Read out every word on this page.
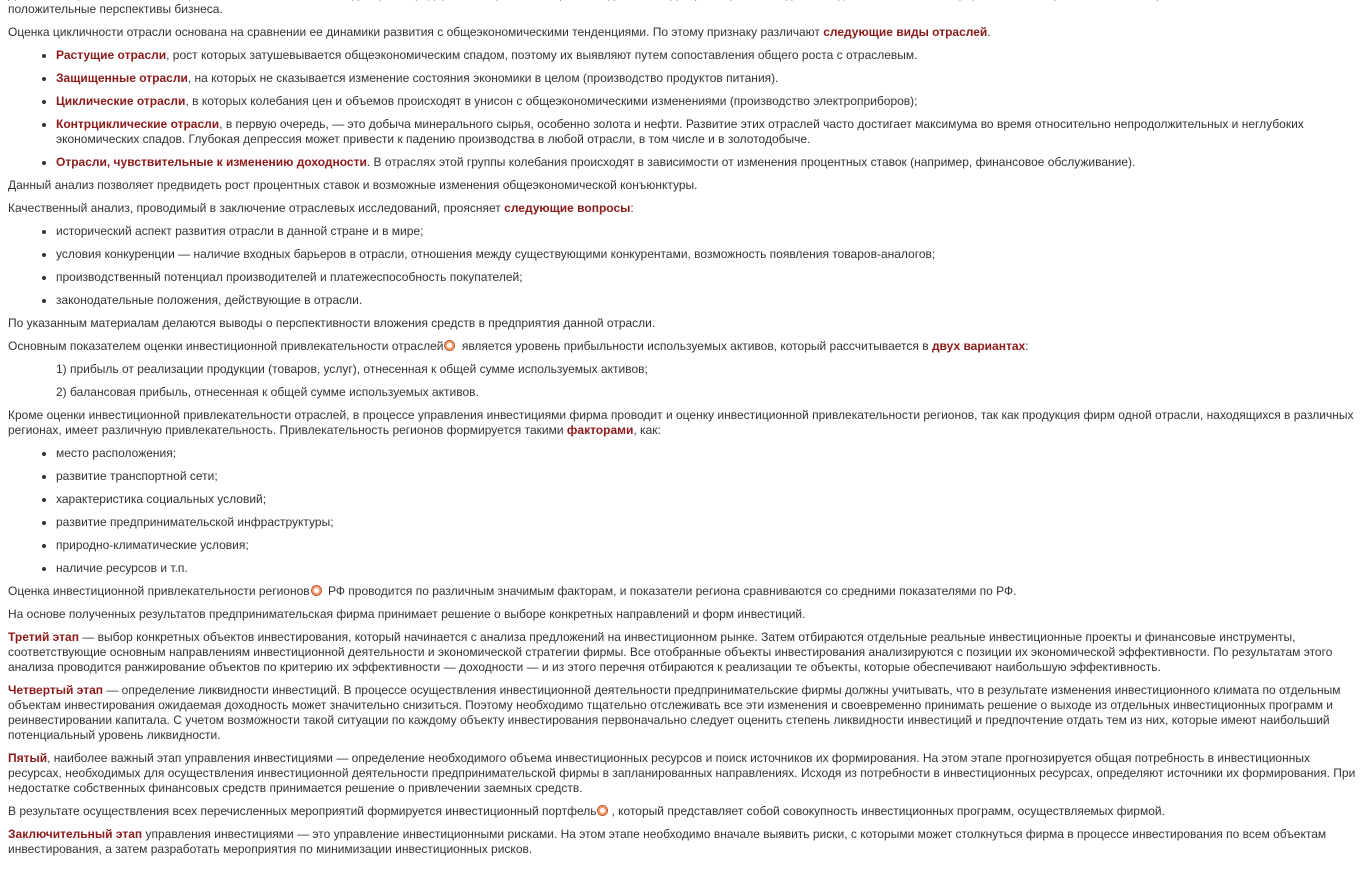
положительные перспективы бизнеса.

Оценка цикличности отрасли основана на сравнении ее динамики развития с общеэкономическими тенденциями. По этому признаку различают следующие виды отраслей.

• Растущие отрасли, рост которых затушевывается общеэкономическим спадом, поэтому их выявляют путем сопоставления общего роста с отраслевым.
• Защищенные отрасли, на которых не сказывается изменение состояния экономики в целом (производство продуктов питания).
• Циклические отрасли, в которых колебания цен и объемов происходят в унисон с общеэкономическими изменениями (производство электроприборов);
• Контрциклические отрасли, в первую очередь, — это добыча минерального сырья, особенно золота и нефти. Развитие этих отраслей часто достигает максимума во время относительно непродолжительных и неглубоких экономических спадов. Глубокая депрессия может привести к падению производства в любой отрасли, в том числе и в золотодобыче.
• Отрасли, чувствительные к изменению доходности. В отраслях этой группы колебания происходят в зависимости от изменения процентных ставок (например, финансовое обслуживание).

Данный анализ позволяет предвидеть рост процентных ставок и возможные изменения общеэкономической конъюнктуры.

Качественный анализ, проводимый в заключение отраслевых исследований, проясняет следующие вопросы:

• исторический аспект развития отрасли в данной стране и в мире;
• условия конкуренции — наличие входных барьеров в отрасли, отношения между существующими конкурентами, возможность появления товаров-аналогов;
• производственный потенциал производителей и платежеспособность покупателей;
• законодательные положения, действующие в отрасли.

По указанным материалам делаются выводы о перспективности вложения средств в предприятия данной отрасли.

Основным показателем оценки инвестиционной привлекательности отраслей является уровень прибыльности используемых активов, который рассчитывается в двух вариантах:

1) прибыль от реализации продукции (товаров, услуг), отнесенная к общей сумме используемых активов;
2) балансовая прибыль, отнесенная к общей сумме используемых активов.

Кроме оценки инвестиционной привлекательности отраслей, в процессе управления инвестициями фирма проводит и оценку инвестиционной привлекательности регионов, так как продукция фирм одной отрасли, находящихся в различных регионах, имеет различную привлекательность. Привлекательность регионов формируется такими факторами, как:

• место расположения;
• развитие транспортной сети;
• характеристика социальных условий;
• развитие предпринимательской инфраструктуры;
• природно-климатические условия;
• наличие ресурсов и т.п.

Оценка инвестиционной привлекательности регионов РФ проводится по различным значимым факторам, и показатели региона сравниваются со средними показателями по РФ.

На основе полученных результатов предпринимательская фирма принимает решение о выборе конкретных направлений и форм инвестиций.

Третий этап — выбор конкретных объектов инвестирования, который начинается с анализа предложений на инвестиционном рынке. Затем отбираются отдельные реальные инвестиционные проекты и финансовые инструменты, соответствующие основным направлениям инвестиционной деятельности и экономической стратегии фирмы. Все отобранные объекты инвестирования анализируются с позиции их экономической эффективности. По результатам этого анализа проводится ранжирование объектов по критерию их эффективности — доходности — и из этого перечня отбираются к реализации те объекты, которые обеспечивают наибольшую эффективность.

Четвертый этап — определение ликвидности инвестиций. В процессе осуществления инвестиционной деятельности предпринимательские фирмы должны учитывать, что в результате изменения инвестиционного климата по отдельным объектам инвестирования ожидаемая доходность может значительно снизиться. Поэтому необходимо тщательно отслеживать все эти изменения и своевременно принимать решение о выходе из отдельных инвестиционных программ и реинвестировании капитала. С учетом возможности такой ситуации по каждому объекту инвестирования первоначально следует оценить степень ликвидности инвестиций и предпочтение отдать тем из них, которые имеют наибольший потенциальный уровень ликвидности.

Пятый, наиболее важный этап управления инвестициями — определение необходимого объема инвестиционных ресурсов и поиск источников их формирования. На этом этапе прогнозируется общая потребность в инвестиционных ресурсах, необходимых для осуществления инвестиционной деятельности предпринимательской фирмы в запланированных направлениях. Исходя из потребности в инвестиционных ресурсах, определяют источники их формирования. При недостатке собственных финансовых средств принимается решение о привлечении заемных средств.

В результате осуществления всех перечисленных мероприятий формируется инвестиционный портфель , который представляет собой совокупность инвестиционных программ, осуществляемых фирмой.

Заключительный этап управления инвестициями — это управление инвестиционными рисками. На этом этапе необходимо вначале выявить риски, с которыми может столкнуться фирма в процессе инвестирования по всем объектам инвестирования, а затем разработать мероприятия по минимизации инвестиционных рисков.
